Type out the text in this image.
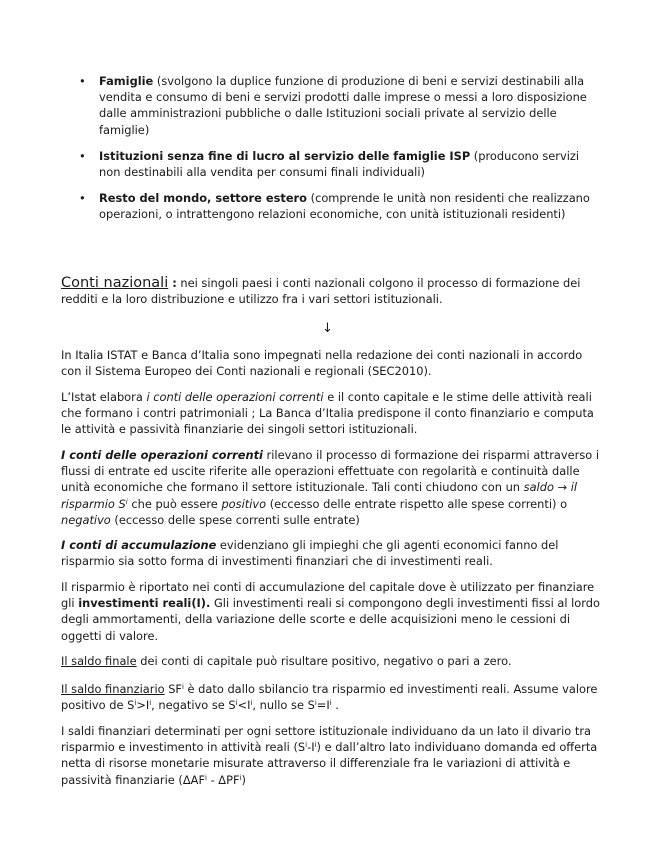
• Famiglie (svolgono la duplice funzione di produzione di beni e servizi destinabili alla vendita e consumo di beni e servizi prodotti dalle imprese o messi a loro disposizione dalle amministrazioni pubbliche o dalle Istituzioni sociali private al servizio delle famiglie)
• Istituzioni senza fine di lucro al servizio delle famiglie ISP (producono servizi non destinabili alla vendita per consumi finali individuali)
• Resto del mondo, settore estero (comprende le unità non residenti che realizzano operazioni, o intrattengono relazioni economiche, con unità istituzionali residenti)

Conti nazionali : nei singoli paesi i conti nazionali colgono il processo di formazione dei redditi e la loro distribuzione e utilizzo fra i vari settori istituzionali.

↓

In Italia ISTAT e Banca d’Italia sono impegnati nella redazione dei conti nazionali in accordo con il Sistema Europeo dei Conti nazionali e regionali (SEC2010).

L’Istat elabora i conti delle operazioni correnti e il conto capitale e le stime delle attività reali che formano i contri patrimoniali ; La Banca d’Italia predispone il conto finanziario e computa le attività e passività finanziarie dei singoli settori istituzionali.

I conti delle operazioni correnti rilevano il processo di formazione dei risparmi attraverso i flussi di entrate ed uscite riferite alle operazioni effettuate con regolarità e continuità dalle unità economiche che formano il settore istituzionale. Tali conti chiudono con un saldo → il risparmio $S^i$ che può essere positivo (eccesso delle entrate rispetto alle spese correnti) o negativo (eccesso delle spese correnti sulle entrate)

I conti di accumulazione evidenziano gli impieghi che gli agenti economici fanno del risparmio sia sotto forma di investimenti finanziari che di investimenti reali.

Il risparmio è riportato nei conti di accumulazione del capitale dove è utilizzato per finanziare gli investimenti reali(I). Gli investimenti reali si compongono degli investimenti fissi al lordo degli ammortamenti, della variazione delle scorte e delle acquisizioni meno le cessioni di oggetti di valore.

Il saldo finale dei conti di capitale può risultare positivo, negativo o pari a zero.

Il saldo finanziario $SF^i$ è dato dallo sbilancio tra risparmio ed investimenti reali. Assume valore positivo de $S^i>I^i$, negativo se $S^i<I^i$, nullo se $S^i=I^i$ .

I saldi finanziari determinati per ogni settore istituzionale individuano da un lato il divario tra risparmio e investimento in attività reali $(S^i-I^i)$ e dall’altro lato individuano domanda ed offerta netta di risorse monetarie misurate attraverso il differenziale fra le variazioni di attività e passività finanziarie (ΔAF$^i$ - ΔPF$^i$)
